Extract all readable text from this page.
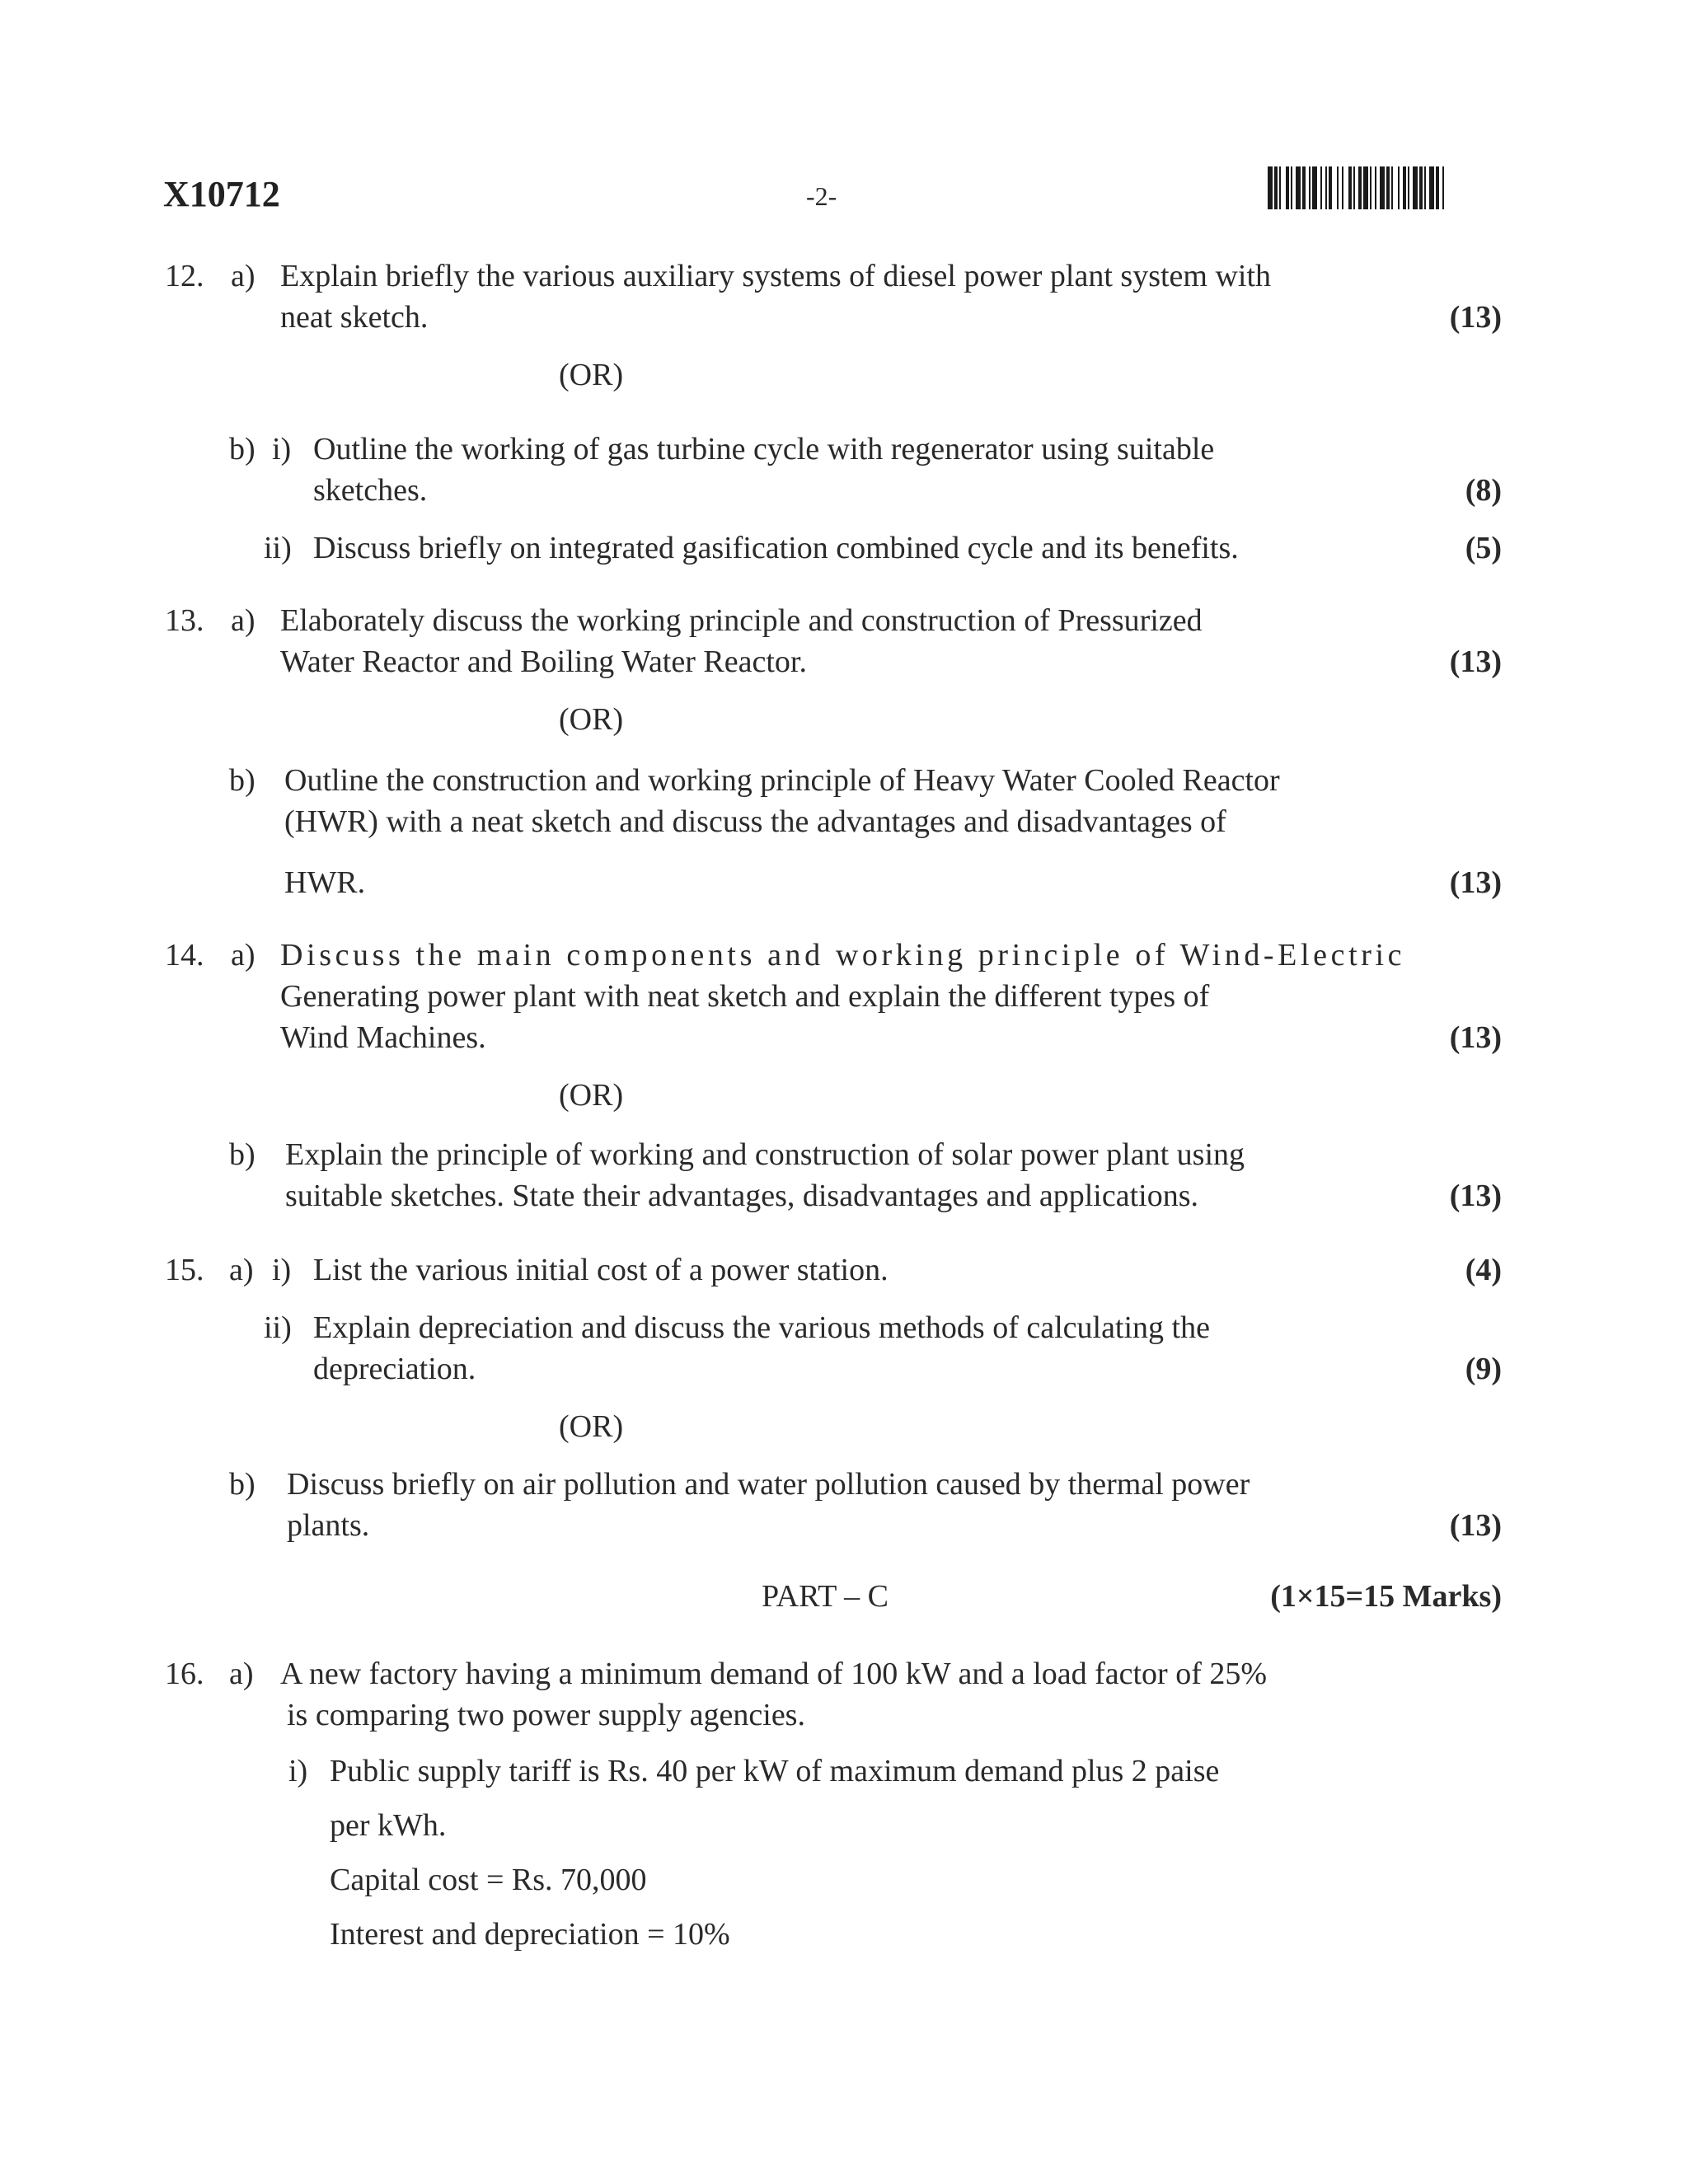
X10712	-2-
12. a) Explain briefly the various auxiliary systems of diesel power plant system with
neat sketch.	(13)
(OR)
b) i) Outline the working of gas turbine cycle with regenerator using suitable
sketches.	(8)
ii) Discuss briefly on integrated gasification combined cycle and its benefits.	(5)
13. a) Elaborately discuss the working principle and construction of Pressurized
Water Reactor and Boiling Water Reactor.	(13)
(OR)
b) Outline the construction and working principle of Heavy Water Cooled Reactor
(HWR) with a neat sketch and discuss the advantages and disadvantages of
HWR.	(13)
14. a) Discuss the main components and working principle of Wind-Electric
Generating power plant with neat sketch and explain the different types of
Wind Machines.	(13)
(OR)
b) Explain the principle of working and construction of solar power plant using
suitable sketches. State their advantages, disadvantages and applications.	(13)
15. a) i) List the various initial cost of a power station.	(4)
ii) Explain depreciation and discuss the various methods of calculating the
depreciation.	(9)
(OR)
b) Discuss briefly on air pollution and water pollution caused by thermal power
plants.	(13)
PART – C	(1×15=15 Marks)
16. a) A new factory having a minimum demand of 100 kW and a load factor of 25%
is comparing two power supply agencies.
i) Public supply tariff is Rs. 40 per kW of maximum demand plus 2 paise
per kWh.
Capital cost = Rs. 70,000
Interest and depreciation = 10%
